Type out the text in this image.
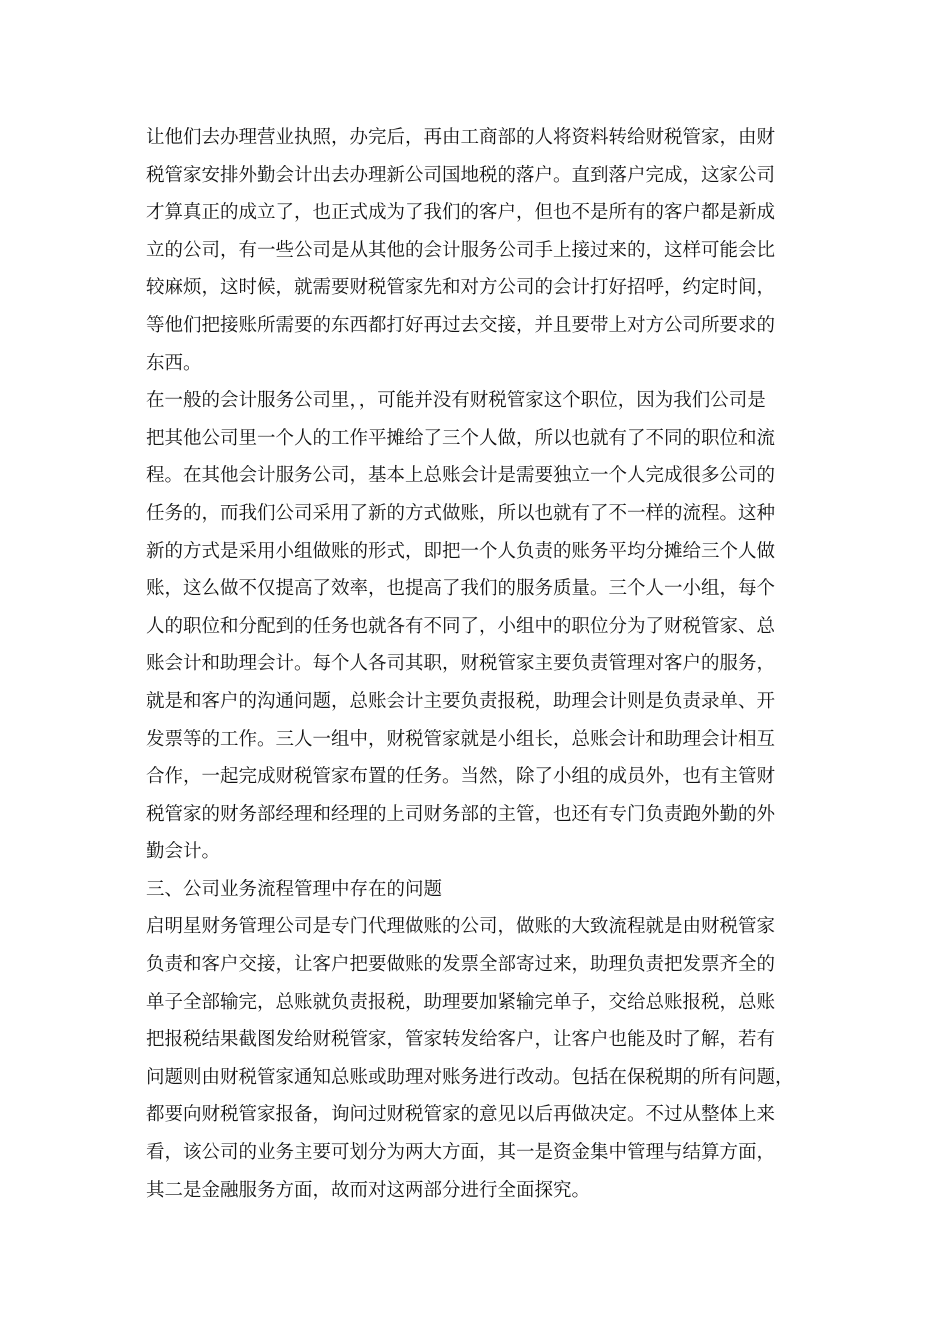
让他们去办理营业执照，办完后，再由工商部的人将资料转给财税管家，由财
税管家安排外勤会计出去办理新公司国地税的落户。直到落户完成，这家公司
才算真正的成立了，也正式成为了我们的客户，但也不是所有的客户都是新成
立的公司，有一些公司是从其他的会计服务公司手上接过来的，这样可能会比
较麻烦，这时候，就需要财税管家先和对方公司的会计打好招呼，约定时间，
等他们把接账所需要的东西都打好再过去交接，并且要带上对方公司所要求的
东西。
在一般的会计服务公司里，，可能并没有财税管家这个职位，因为我们公司是
把其他公司里一个人的工作平摊给了三个人做，所以也就有了不同的职位和流
程。在其他会计服务公司，基本上总账会计是需要独立一个人完成很多公司的
任务的，而我们公司采用了新的方式做账，所以也就有了不一样的流程。这种
新的方式是采用小组做账的形式，即把一个人负责的账务平均分摊给三个人做
账，这么做不仅提高了效率，也提高了我们的服务质量。三个人一小组，每个
人的职位和分配到的任务也就各有不同了，小组中的职位分为了财税管家、总
账会计和助理会计。每个人各司其职，财税管家主要负责管理对客户的服务，
就是和客户的沟通问题，总账会计主要负责报税，助理会计则是负责录单、开
发票等的工作。三人一组中，财税管家就是小组长，总账会计和助理会计相互
合作，一起完成财税管家布置的任务。当然，除了小组的成员外，也有主管财
税管家的财务部经理和经理的上司财务部的主管，也还有专门负责跑外勤的外
勤会计。
三、公司业务流程管理中存在的问题
启明星财务管理公司是专门代理做账的公司，做账的大致流程就是由财税管家
负责和客户交接，让客户把要做账的发票全部寄过来，助理负责把发票齐全的
单子全部输完，总账就负责报税，助理要加紧输完单子，交给总账报税，总账
把报税结果截图发给财税管家，管家转发给客户，让客户也能及时了解，若有
问题则由财税管家通知总账或助理对账务进行改动。包括在保税期的所有问题，
都要向财税管家报备，询问过财税管家的意见以后再做决定。不过从整体上来
看，该公司的业务主要可划分为两大方面，其一是资金集中管理与结算方面，
其二是金融服务方面，故而对这两部分进行全面探究。
